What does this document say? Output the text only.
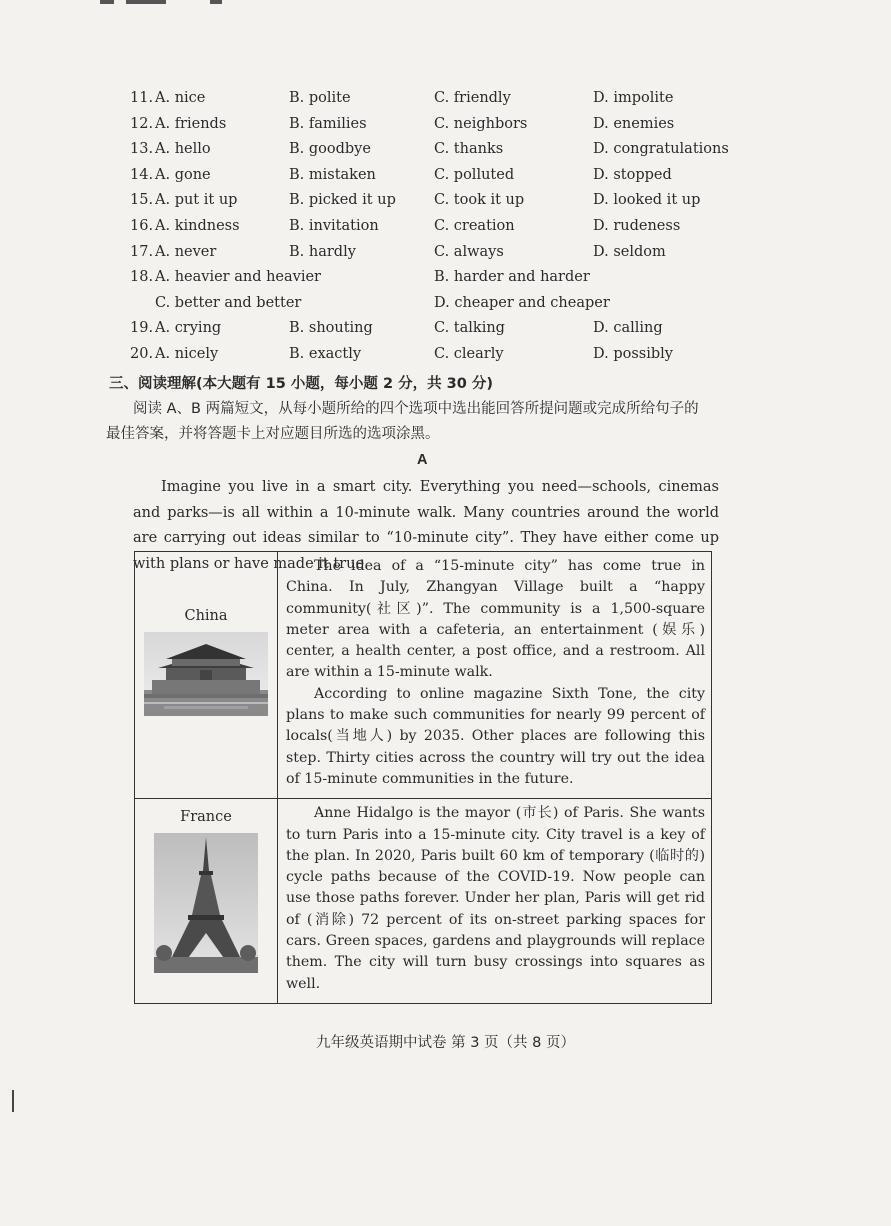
11. A. nice	B. polite	C. friendly	D. impolite
12. A. friends	B. families	C. neighbors	D. enemies
13. A. hello	B. goodbye	C. thanks	D. congratulations
14. A. gone	B. mistaken	C. polluted	D. stopped
15. A. put it up	B. picked it up	C. took it up	D. looked it up
16. A. kindness	B. invitation	C. creation	D. rudeness
17. A. never	B. hardly	C. always	D. seldom
18. A. heavier and heavier	B. harder and harder
C. better and better	D. cheaper and cheaper
19. A. crying	B. shouting	C. talking	D. calling
20. A. nicely	B. exactly	C. clearly	D. possibly
三、阅读理解(本大题有 15 小题，每小题 2 分，共 30 分)
阅读 A、B 两篇短文，从每小题所给的四个选项中选出能回答所提问题或完成所给句子的
最佳答案，并将答题卡上对应题目所选的选项涂黑。
A

Imagine you live in a smart city. Everything you need—schools, cinemas and parks—is all within a 10-minute walk. Many countries around the world are carrying out ideas similar to “10-minute city”. They have either come up with plans or have made it true.

China	The idea of a “15-minute city” has come true in China. In July, Zhangyan Village built a “happy community(社区)”. The community is a 1,500-square meter area with a cafeteria, an entertainment (娱乐) center, a health center, a post office, and a restroom. All are within a 15-minute walk.

According to online magazine Sixth Tone, the city plans to make such communities for nearly 99 percent of locals(当地人) by 2035. Other places are following this step. Thirty cities across the country will try out the idea of 15-minute communities in the future.

France	Anne Hidalgo is the mayor (市长) of Paris. She wants to turn Paris into a 15-minute city. City travel is a key of the plan. In 2020, Paris built 60 km of temporary (临时的) cycle paths because of the COVID-19. Now people can use those paths forever. Under her plan, Paris will get rid of (消除) 72 percent of its on-street parking spaces for cars. Green spaces, gardens and playgrounds will replace them. The city will turn busy crossings into squares as well.

九年级英语期中试卷 第 3 页（共 8 页）
